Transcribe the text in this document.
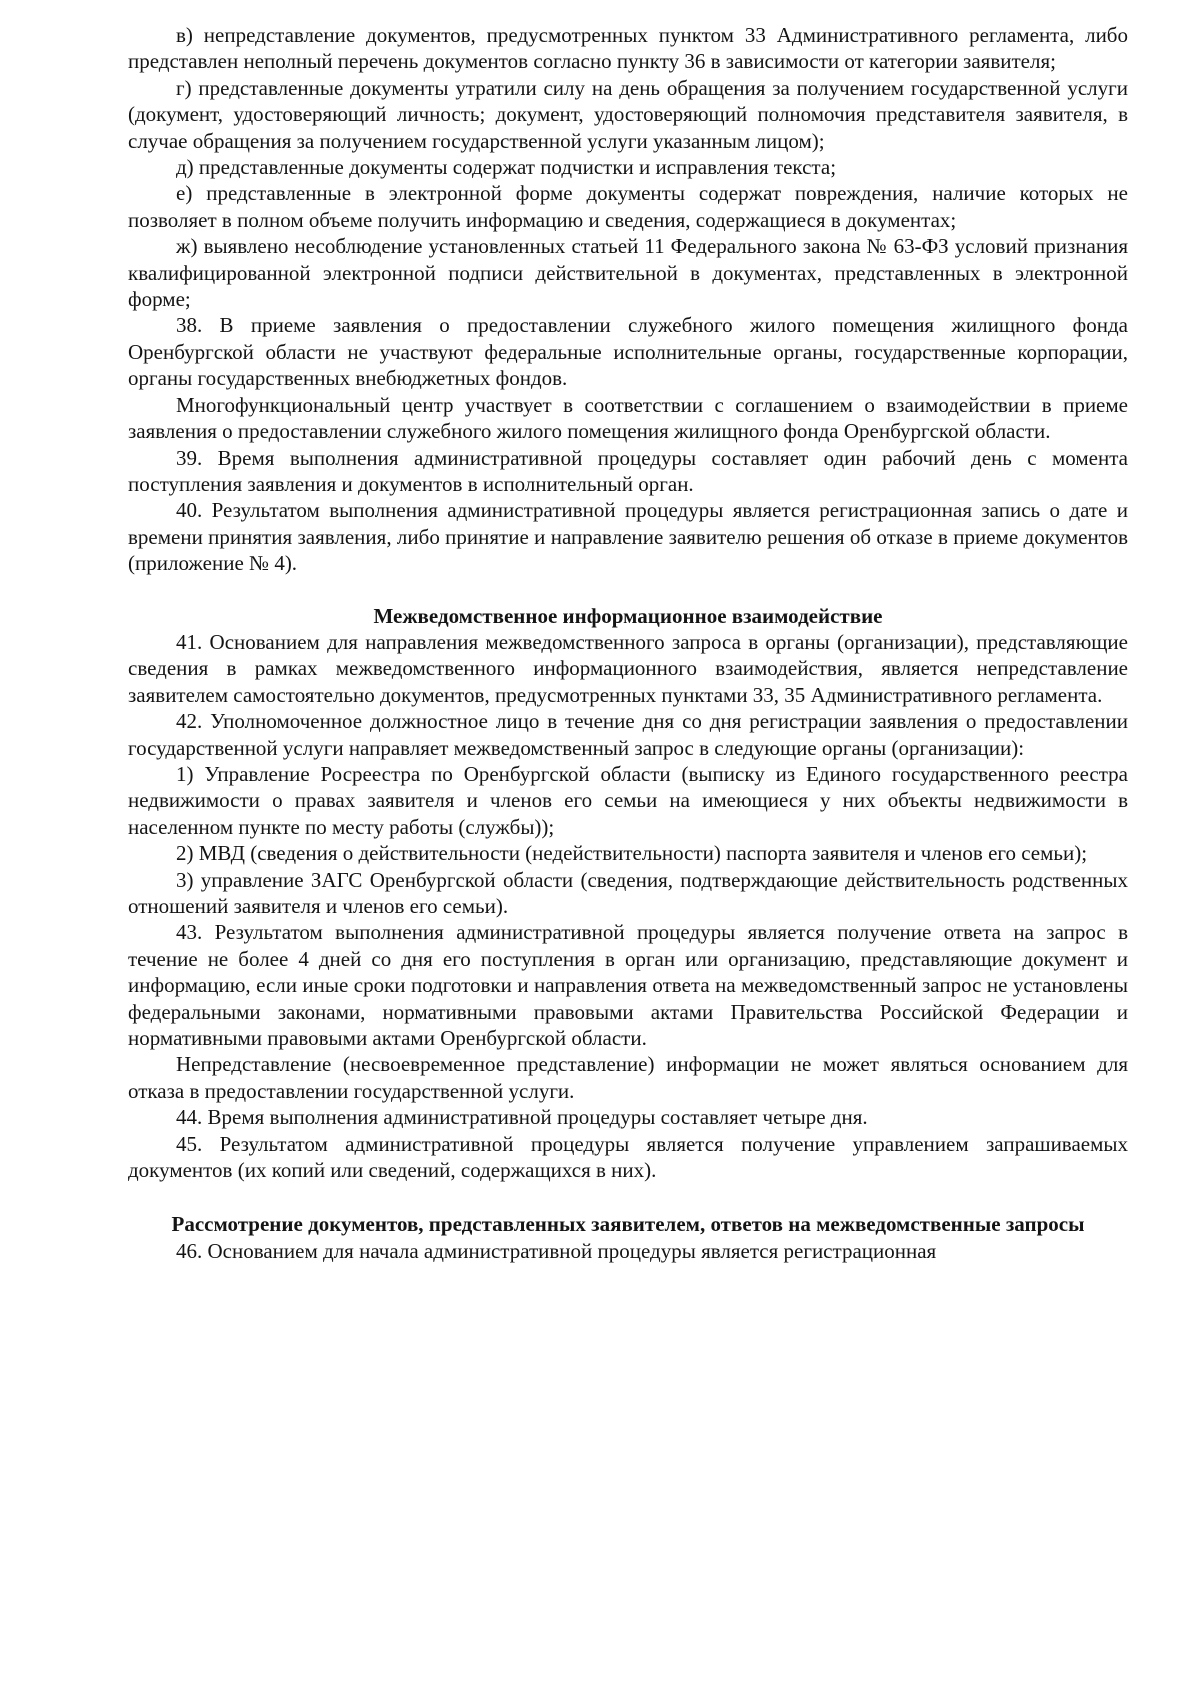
в) непредставление документов, предусмотренных пунктом 33 Административного регламента, либо представлен неполный перечень документов согласно пункту 36 в зависимости от категории заявителя;

г) представленные документы утратили силу на день обращения за получением государственной услуги (документ, удостоверяющий личность; документ, удостоверяющий полномочия представителя заявителя, в случае обращения за получением государственной услуги указанным лицом);

д) представленные документы содержат подчистки и исправления текста;

е) представленные в электронной форме документы содержат повреждения, наличие которых не позволяет в полном объеме получить информацию и сведения, содержащиеся в документах;

ж) выявлено несоблюдение установленных статьей 11 Федерального закона № 63-ФЗ условий признания квалифицированной электронной подписи действительной в документах, представленных в электронной форме;

38. В приеме заявления о предоставлении служебного жилого помещения жилищного фонда Оренбургской области не участвуют федеральные исполнительные органы, государственные корпорации, органы государственных внебюджетных фондов.

Многофункциональный центр участвует в соответствии с соглашением о взаимодействии в приеме заявления о предоставлении служебного жилого помещения жилищного фонда Оренбургской области.

39. Время выполнения административной процедуры составляет один рабочий день с момента поступления заявления и документов в исполнительный орган.

40. Результатом выполнения административной процедуры является регистрационная запись о дате и времени принятия заявления, либо принятие и направление заявителю решения об отказе в приеме документов (приложение № 4).

Межведомственное информационное взаимодействие

41. Основанием для направления межведомственного запроса в органы (организации), представляющие сведения в рамках межведомственного информационного взаимодействия, является непредставление заявителем самостоятельно документов, предусмотренных пунктами 33, 35 Административного регламента.

42. Уполномоченное должностное лицо в течение дня со дня регистрации заявления о предоставлении государственной услуги направляет межведомственный запрос в следующие органы (организации):

1) Управление Росреестра по Оренбургской области (выписку из Единого государственного реестра недвижимости о правах заявителя и членов его семьи на имеющиеся у них объекты недвижимости в населенном пункте по месту работы (службы));

2) МВД (сведения о действительности (недействительности) паспорта заявителя и членов его семьи);

3) управление ЗАГС Оренбургской области (сведения, подтверждающие действительность родственных отношений заявителя и членов его семьи).

43. Результатом выполнения административной процедуры является получение ответа на запрос в течение не более 4 дней со дня его поступления в орган или организацию, представляющие документ и информацию, если иные сроки подготовки и направления ответа на межведомственный запрос не установлены федеральными законами, нормативными правовыми актами Правительства Российской Федерации и нормативными правовыми актами Оренбургской области.

Непредставление (несвоевременное представление) информации не может являться основанием для отказа в предоставлении государственной услуги.

44. Время выполнения административной процедуры составляет четыре дня.

45. Результатом административной процедуры является получение управлением запрашиваемых документов (их копий или сведений, содержащихся в них).

Рассмотрение документов, представленных заявителем, ответов на межведомственные запросы

46. Основанием для начала административной процедуры является регистрационная
